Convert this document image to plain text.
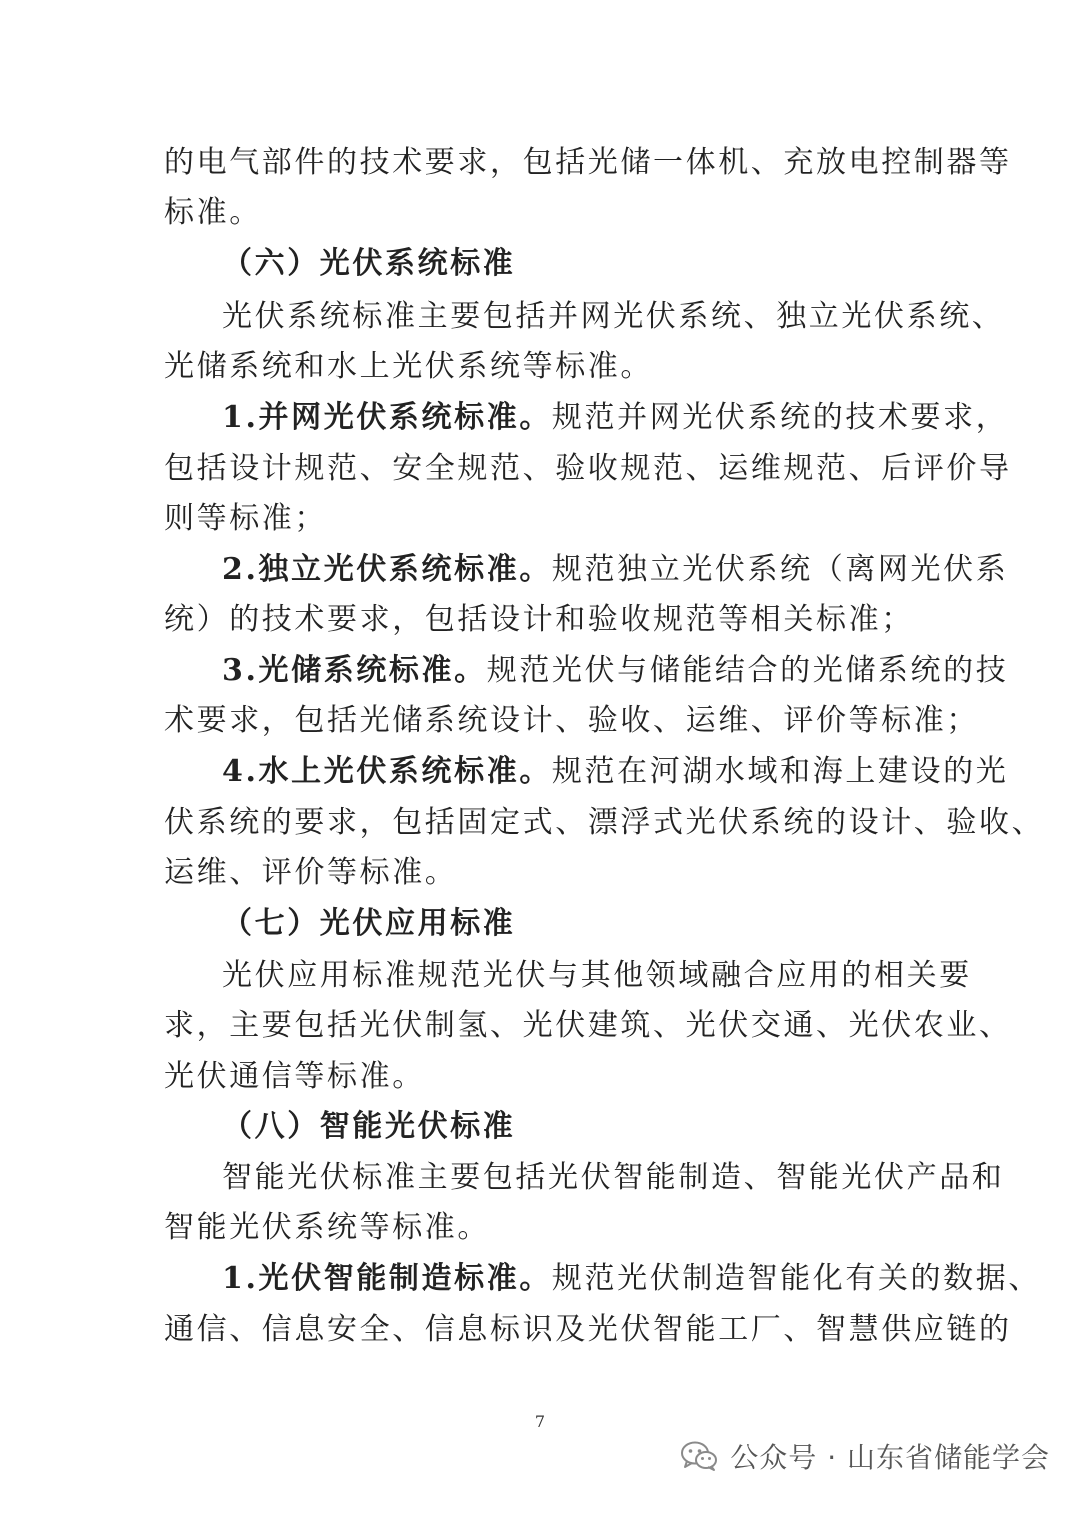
的电气部件的技术要求，包括光储一体机、充放电控制器等
标准。
（六）光伏系统标准
光伏系统标准主要包括并网光伏系统、独立光伏系统、
光储系统和水上光伏系统等标准。
1.并网光伏系统标准。规范并网光伏系统的技术要求，
包括设计规范、安全规范、验收规范、运维规范、后评价导
则等标准；
2.独立光伏系统标准。规范独立光伏系统（离网光伏系
统）的技术要求，包括设计和验收规范等相关标准；
3.光储系统标准。规范光伏与储能结合的光储系统的技
术要求，包括光储系统设计、验收、运维、评价等标准；
4.水上光伏系统标准。规范在河湖水域和海上建设的光
伏系统的要求，包括固定式、漂浮式光伏系统的设计、验收、
运维、评价等标准。
（七）光伏应用标准
光伏应用标准规范光伏与其他领域融合应用的相关要
求，主要包括光伏制氢、光伏建筑、光伏交通、光伏农业、
光伏通信等标准。
（八）智能光伏标准
智能光伏标准主要包括光伏智能制造、智能光伏产品和
智能光伏系统等标准。
1.光伏智能制造标准。规范光伏制造智能化有关的数据、
通信、信息安全、信息标识及光伏智能工厂、智慧供应链的
7
公众号 · 山东省储能学会
